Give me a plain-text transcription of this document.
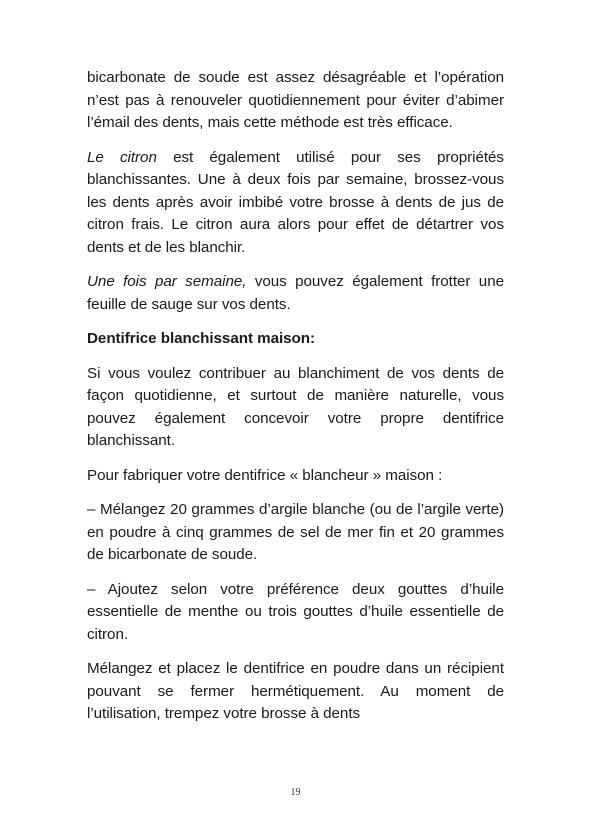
bicarbonate de soude est assez désagréable et l’opération n’est pas à renouveler quotidiennement pour éviter d’abimer l’émail des dents, mais cette méthode est très efficace.

Le citron est également utilisé pour ses propriétés blanchissantes. Une à deux fois par semaine, brossez-vous les dents après avoir imbibé votre brosse à dents de jus de citron frais. Le citron aura alors pour effet de détartrer vos dents et de les blanchir.

Une fois par semaine, vous pouvez également frotter une feuille de sauge sur vos dents.

Dentifrice blanchissant maison:

Si vous voulez contribuer au blanchiment de vos dents de façon quotidienne, et surtout de manière naturelle, vous pouvez également concevoir votre propre dentifrice blanchissant.

Pour fabriquer votre dentifrice « blancheur » maison :

– Mélangez 20 grammes d’argile blanche (ou de l’argile verte) en poudre à cinq grammes de sel de mer fin et 20 grammes de bicarbonate de soude.

– Ajoutez selon votre préférence deux gouttes d’huile essentielle de menthe ou trois gouttes d’huile essentielle de citron.

Mélangez et placez le dentifrice en poudre dans un récipient pouvant se fermer hermétiquement. Au moment de l’utilisation, trempez votre brosse à dents

19
